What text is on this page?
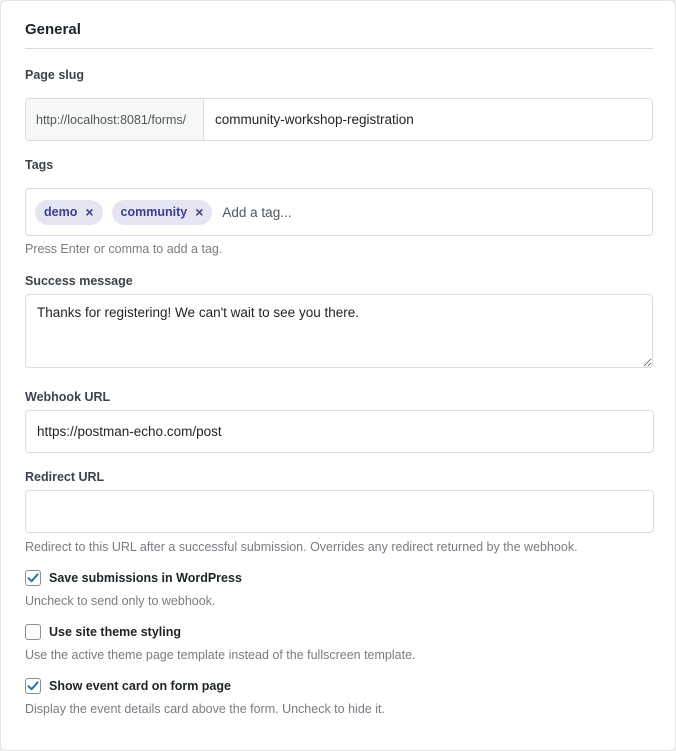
General
Page slug
http://localhost:8081/forms/
community-workshop-registration
Tags
demo × community ×
Add a tag...
Press Enter or comma to add a tag.
Success message
Thanks for registering! We can't wait to see you there.
Webhook URL
https://postman-echo.com/post
Redirect URL
Redirect to this URL after a successful submission. Overrides any redirect returned by the webhook.
Save submissions in WordPress
Uncheck to send only to webhook.
Use site theme styling
Use the active theme page template instead of the fullscreen template.
Show event card on form page
Display the event details card above the form. Uncheck to hide it.
